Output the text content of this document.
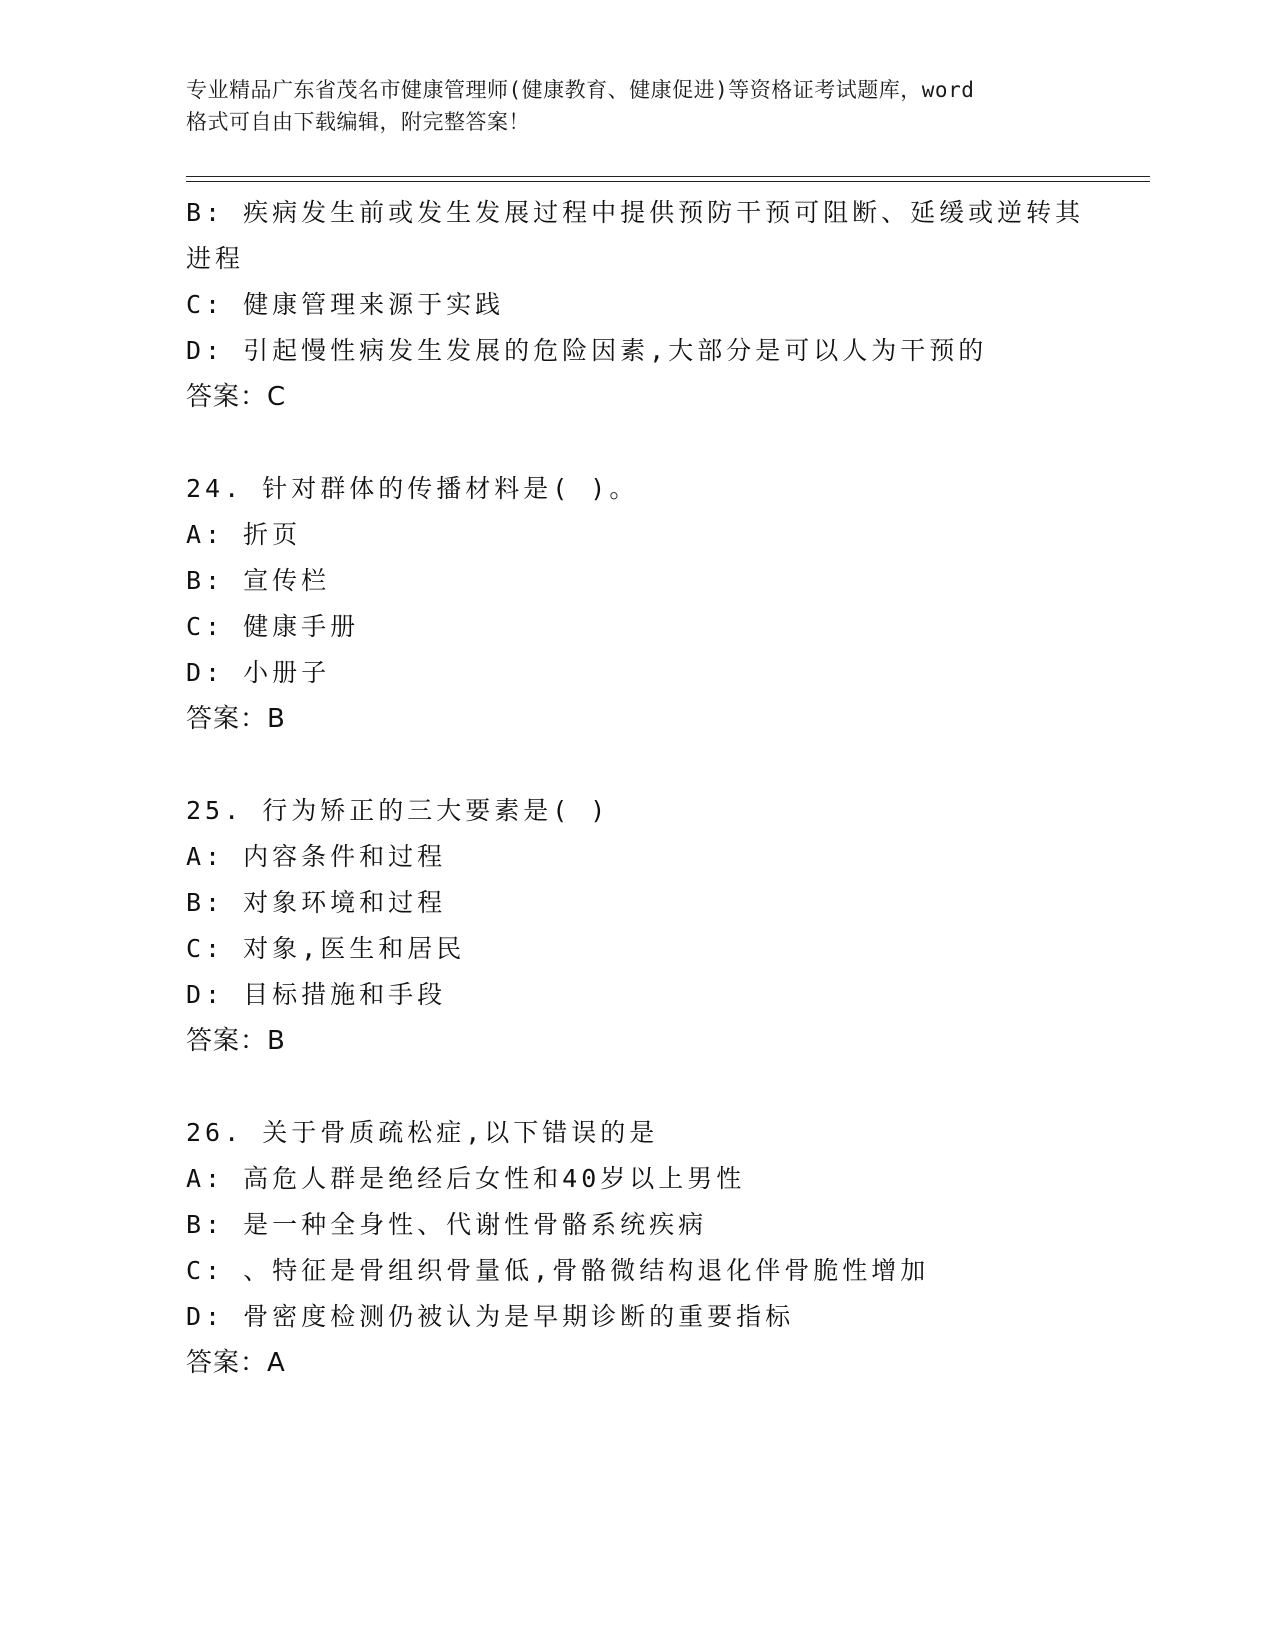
专业精品广东省茂名市健康管理师(健康教育、健康促进)等资格证考试题库，word
格式可自由下载编辑，附完整答案！
B: 疾病发生前或发生发展过程中提供预防干预可阻断、延缓或逆转其
进程
C: 健康管理来源于实践
D: 引起慢性病发生发展的危险因素,大部分是可以人为干预的
答案：C
24. 针对群体的传播材料是( )。
A: 折页
B: 宣传栏
C: 健康手册
D: 小册子
答案：B
25. 行为矫正的三大要素是( )
A: 内容条件和过程
B: 对象环境和过程
C: 对象,医生和居民
D: 目标措施和手段
答案：B
26. 关于骨质疏松症,以下错误的是
A: 高危人群是绝经后女性和40岁以上男性
B: 是一种全身性、代谢性骨骼系统疾病
C: 、特征是骨组织骨量低,骨骼微结构退化伴骨脆性增加
D: 骨密度检测仍被认为是早期诊断的重要指标
答案：A
